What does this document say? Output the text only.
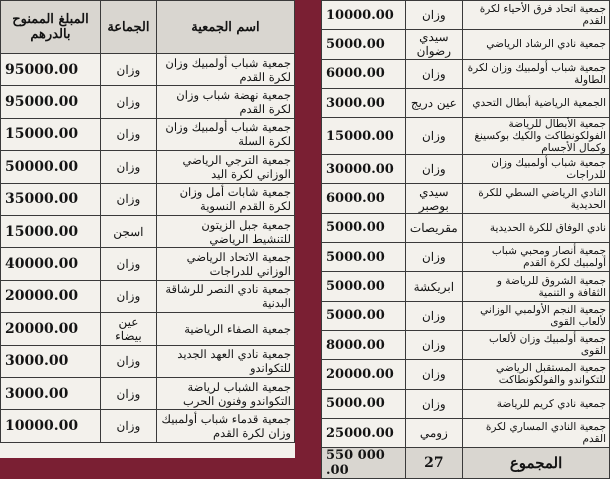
اسم الجمعية	الجماعة	المبلغ الممنوح بالدرهم
جمعية شباب أولمبيك وزان لكرة القدم	وزان	95000.00
جمعية نهضة شباب وزان لكرة القدم	وزان	95000.00
جمعية شباب أولمبيك وزان لكرة السلة	وزان	15000.00
جمعية الترجي الرياضي الوزاني لكرة اليد	وزان	50000.00
جمعية شابات أمل وزان لكرة القدم النسوية	وزان	35000.00
جمعية جبل الزيتون للتنشيط الرياضي	اسجن	15000.00
جمعية الاتحاد الرياضي الوزاني للدراجات	وزان	40000.00
جمعية نادي النصر للرشاقة البدنية	وزان	20000.00
جمعية الصفاء الرياضية	عين بيضاء	20000.00
جمعية نادي العهد الجديد للتكواندو	وزان	3000.00
جمعية الشباب لرياضة التكواندو وفنون الحرب	وزان	3000.00
جمعية قدماء شباب أولمبيك وزان لكرة القدم	وزان	10000.00
جمعية اتحاد فرق الأحياء لكرة القدم	وزان	10000.00
جمعية نادي الرشاد الرياضي	سيدي رضوان	5000.00
جمعية شباب أولمبيك وزان لكرة الطاولة	وزان	6000.00
الجمعية الرياضية أبطال التحدي	عين دريج	3000.00
جمعية الأبطال للرياضة الفولكونطاكت والكيك بوكسينغ وكمال الأجسام	وزان	15000.00
جمعية شباب أولمبيك وزان للدراجات	وزان	30000.00
النادي الرياضي السطي للكرة الحديدية	سيدي بوصبر	6000.00
نادي الوفاق للكرة الحديدية	مقريصات	5000.00
جمعية أنصار ومحبي شباب أولمبيك لكرة القدم	وزان	5000.00
جمعية الشروق للرياضة و الثقافة و التنمية	ابريكشة	5000.00
جمعية النجم الأولمبي الوزاني لألعاب القوى	وزان	5000.00
جمعية أولمبيك وزان لألعاب القوى	وزان	8000.00
جمعية المستقبل الرياضي للتكواندو والفولكونطاكت	وزان	20000.00
جمعية نادي كريم للرياضة	وزان	5000.00
جمعية النادي المساري لكرة القدم	زومي	25000.00
المجموع	27	550 000 .00
